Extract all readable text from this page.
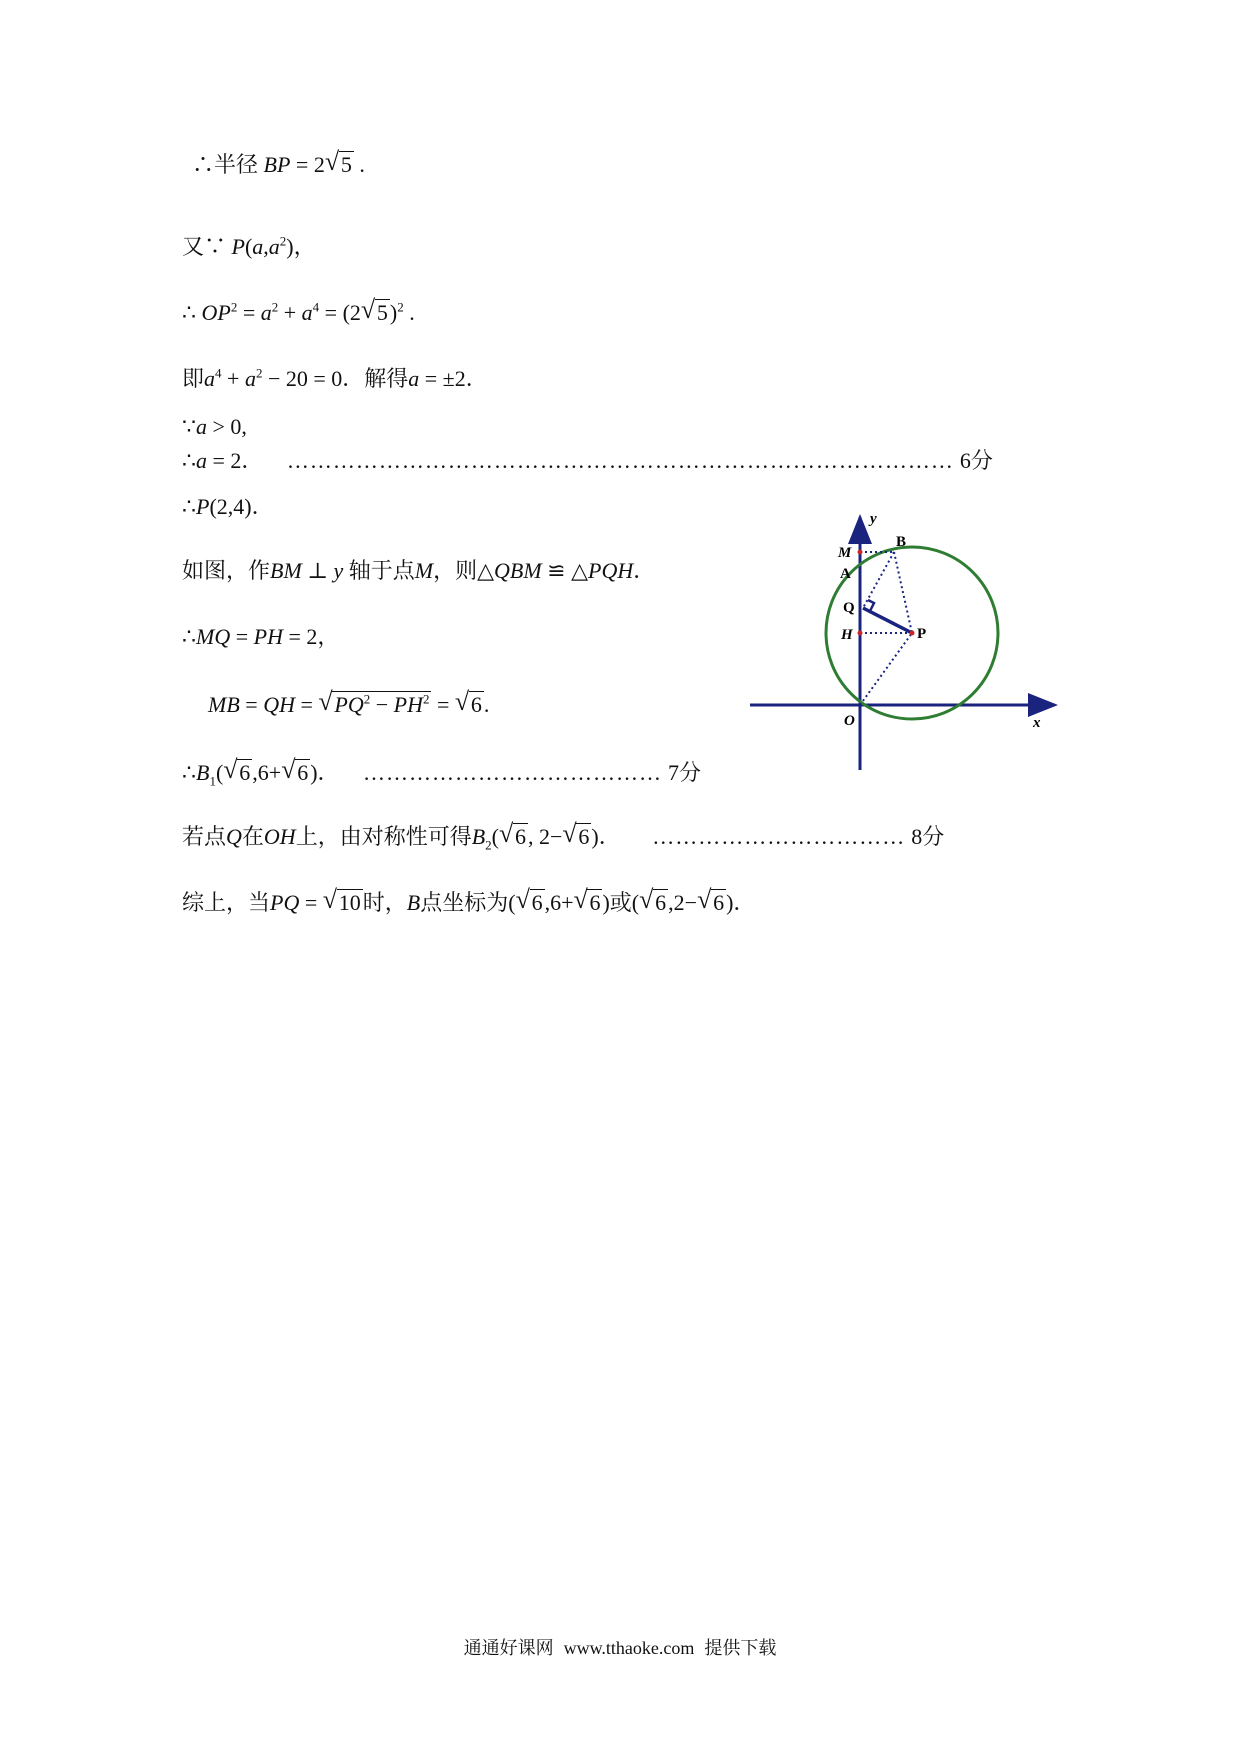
∴半径 BP = 2√ 5 .
又∵ $P(a,a^2)$，
∴ $OP^2 = a^2 + a^4 = (2√$ 5)$^2$ .
即$a^4 + a^2 - 20 = 0$．解得a = ±2．
∵a > 0,
∴a = 2． …………………………………………………………………………… 6分
∴P(2,4)．
如图，作BM ⊥ y 轴于点M，则△QBM ≌ △PQH．
∴MQ = PH = 2，
MB = QH = √ $PQ^2 - PH^2$ = √ 6.
$\therefore B_1(√$ 6,6+√ 6)． ………………………………… 7分
若点Q在OH上，由对称性可得$B_2(√$ 6, 2−√ 6)． …………………………… 8分
综上，当PQ = √ 10时，B点坐标为(√ 6,6+√ 6)或(√ 6,2−√ 6)．
y
x
O
M
A
B
Q
H	P
通通好课网 www.tthaoke.com 提供下载
